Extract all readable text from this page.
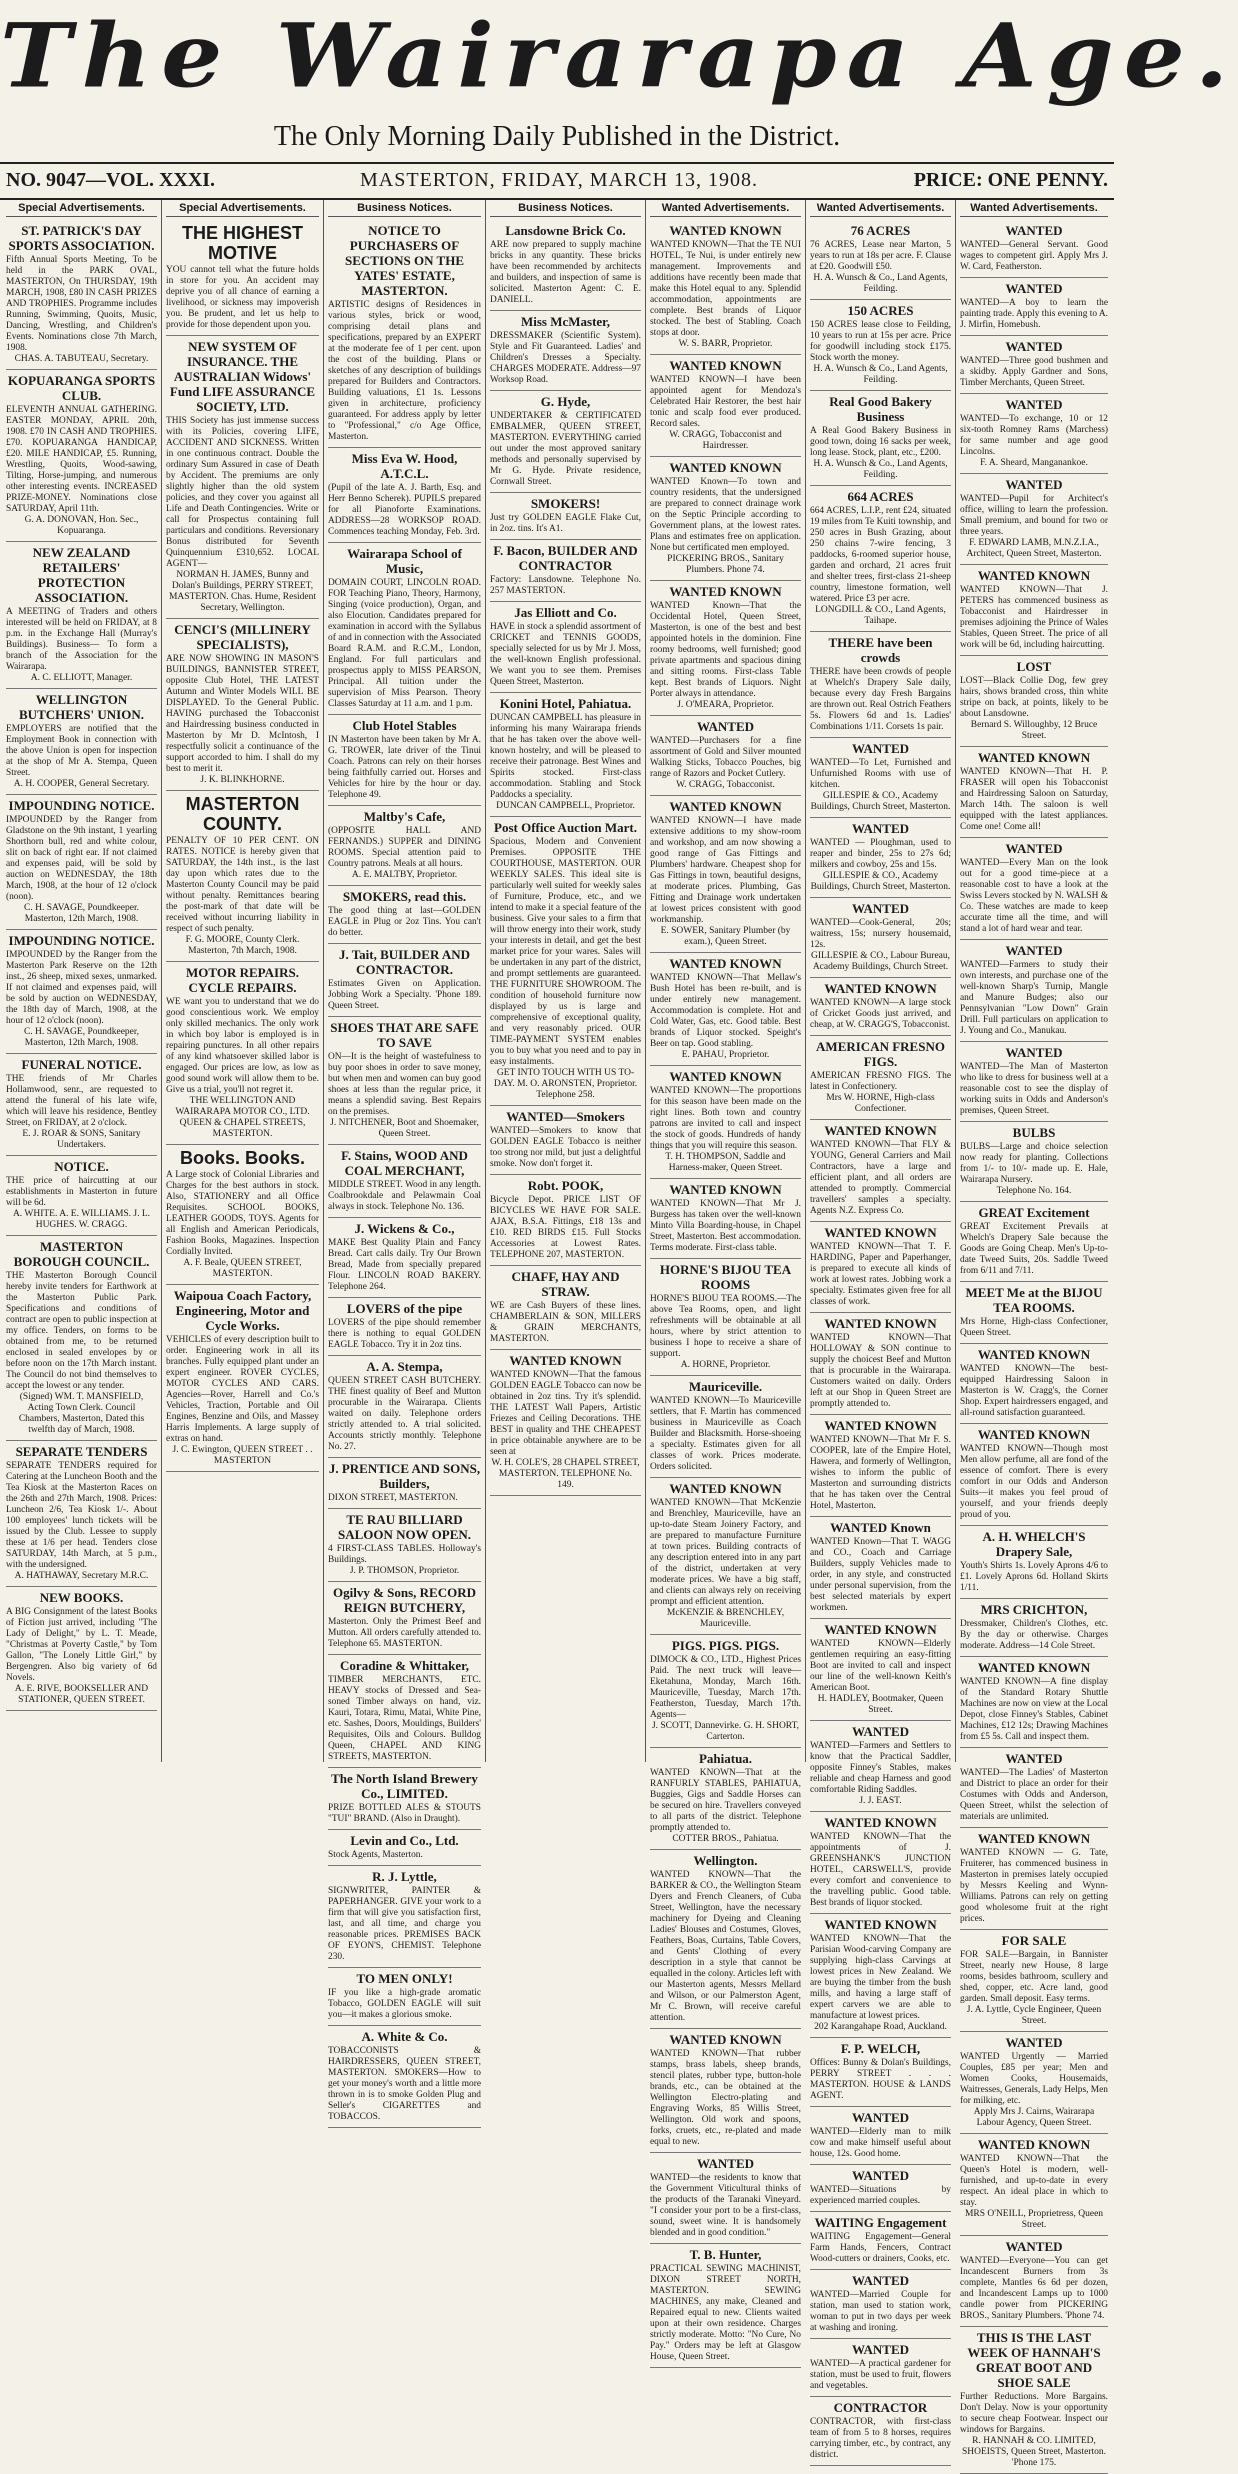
The Wairarapa Age.
The Only Morning Daily Published in the District.
NO. 9047—VOL. XXXI.	MASTERTON, FRIDAY, MARCH 13, 1908.	PRICE: ONE PENNY.
Special Advertisements.
ST. PATRICK'S DAY SPORTS ASSOCIATION.
Fifth Annual Sports Meeting, To be held in the PARK OVAL, MASTERTON, On THURSDAY, 19th MARCH, 1908, £80 IN CASH PRIZES AND TROPHIES. Programme includes Running, Swimming, Quoits, Music, Dancing, Wrestling, and Children's Events. Nominations close 7th March, 1908.
CHAS. A. TABUTEAU, Secretary.
KOPUARANGA SPORTS CLUB.
ELEVENTH ANNUAL GATHERING. EASTER MONDAY, APRIL 20th, 1908. £70 IN CASH AND TROPHIES. £70. KOPUARANGA HANDICAP, £20. MILE HANDICAP, £5. Running, Wrestling, Quoits, Wood-sawing, Tilting, Horse-jumping, and numerous other interesting events. INCREASED PRIZE-MONEY. Nominations close SATURDAY, April 11th.
G. A. DONOVAN, Hon. Sec., Kopuaranga.
NEW ZEALAND RETAILERS' PROTECTION ASSOCIATION.
A MEETING of Traders and others interested will be held on FRIDAY, at 8 p.m. in the Exchange Hall (Murray's Buildings). Business— To form a branch of the Association for the Wairarapa.
A. C. ELLIOTT, Manager.
WELLINGTON BUTCHERS' UNION.
EMPLOYERS are notified that the Employment Book in connection with the above Union is open for inspection at the shop of Mr A. Stempa, Queen Street.
A. H. COOPER, General Secretary.
IMPOUNDING NOTICE.
IMPOUNDED by the Ranger from Gladstone on the 9th instant, 1 yearling Shorthorn bull, red and white colour, slit on back of right ear. If not claimed and expenses paid, will be sold by auction on WEDNESDAY, the 18th March, 1908, at the hour of 12 o'clock (noon).
C. H. SAVAGE, Poundkeeper. Masterton, 12th March, 1908.
IMPOUNDING NOTICE.
IMPOUNDED by the Ranger from the Masterton Park Reserve on the 12th inst., 26 sheep, mixed sexes, unmarked. If not claimed and expenses paid, will be sold by auction on WEDNESDAY, the 18th day of March, 1908, at the hour of 12 o'clock (noon).
C. H. SAVAGE, Poundkeeper, Masterton, 12th March, 1908.
FUNERAL NOTICE.
THE friends of Mr Charles Hollamwood, senr., are requested to attend the funeral of his late wife, which will leave his residence, Bentley Street, on FRIDAY, at 2 o'clock.
E. J. ROAR & SONS, Sanitary Undertakers.
NOTICE.
THE price of haircutting at our establishments in Masterton in future will be 6d.
A. WHITE. A. E. WILLIAMS. J. L. HUGHES. W. CRAGG.
MASTERTON BOROUGH COUNCIL.
THE Masterton Borough Council hereby invite tenders for Earthwork at the Masterton Public Park. Specifications and conditions of contract are open to public inspection at my office. Tenders, on forms to be obtained from me, to be returned enclosed in sealed envelopes by or before noon on the 17th March instant. The Council do not bind themselves to accept the lowest or any tender.
(Signed) WM. T. MANSFIELD, Acting Town Clerk. Council Chambers, Masterton, Dated this twelfth day of March, 1908.
SEPARATE TENDERS
SEPARATE TENDERS required for Catering at the Luncheon Booth and the Tea Kiosk at the Masterton Races on the 26th and 27th March, 1908. Prices: Luncheon 2/6, Tea Kiosk 1/-. About 100 employees' lunch tickets will be issued by the Club. Lessee to supply these at 1/6 per head. Tenders close SATURDAY, 14th March, at 5 p.m., with the undersigned.
A. HATHAWAY, Secretary M.R.C.
NEW BOOKS.
A BIG Consignment of the latest Books of Fiction just arrived, including "The Lady of Delight," by L. T. Meade, "Christmas at Poverty Castle," by Tom Gallon, "The Lonely Little Girl," by Bergengren. Also big variety of 6d Novels.
A. E. RIVE, BOOKSELLER AND STATIONER, QUEEN STREET.
Special Advertisements.
THE HIGHEST MOTIVE
YOU cannot tell what the future holds in store for you. An accident may deprive you of all chance of earning a livelihood, or sickness may impoverish you. Be prudent, and let us help to provide for those dependent upon you.
NEW SYSTEM OF INSURANCE. THE AUSTRALIAN Widows' Fund LIFE ASSURANCE SOCIETY, LTD.
THIS Society has just immense success with its Policies, covering LIFE, ACCIDENT AND SICKNESS. Written in one continuous contract. Double the ordinary Sum Assured in case of Death by Accident. The premiums are only slightly higher than the old system policies, and they cover you against all Life and Death Contingencies. Write or call for Prospectus containing full particulars and conditions. Reversionary Bonus distributed for Seventh Quinquennium £310,652. LOCAL AGENT—
NORMAN H. JAMES, Bunny and Dolan's Buildings, PERRY STREET, MASTERTON. Chas. Hume, Resident Secretary, Wellington.
CENCI'S (MILLINERY SPECIALISTS),
ARE NOW SHOWING IN MASON'S BUILDINGS, BANNISTER STREET, opposite Club Hotel, THE LATEST Autumn and Winter Models WILL BE DISPLAYED. To the General Public. HAVING purchased the Tobacconist and Hairdressing business conducted in Masterton by Mr D. McIntosh, I respectfully solicit a continuance of the support accorded to him. I shall do my best to merit it.
J. K. BLINKHORNE.
MASTERTON COUNTY.
PENALTY OF 10 PER CENT. ON RATES. NOTICE is hereby given that SATURDAY, the 14th inst., is the last day upon which rates due to the Masterton County Council may be paid without penalty. Remittances bearing the post-mark of that date will be received without incurring liability in respect of such penalty.
F. G. MOORE, County Clerk. Masterton, 7th March, 1908.
MOTOR REPAIRS. CYCLE REPAIRS.
WE want you to understand that we do good conscientious work. We employ only skilled mechanics. The only work in which boy labor is employed is in repairing punctures. In all other repairs of any kind whatsoever skilled labor is engaged. Our prices are low, as low as good sound work will allow them to be. Give us a trial, you'll not regret it.
THE WELLINGTON AND WAIRARAPA MOTOR CO., LTD. QUEEN & CHAPEL STREETS, MASTERTON.
Books. Books.
A Large stock of Colonial Libraries and Charges for the best authors in stock. Also, STATIONERY and all Office Requisites. SCHOOL BOOKS, LEATHER GOODS, TOYS. Agents for all English and American Periodicals, Fashion Books, Magazines. Inspection Cordially Invited.
A. F. Beale, QUEEN STREET, MASTERTON.
Waipoua Coach Factory, Engineering, Motor and Cycle Works.
VEHICLES of every description built to order. Engineering work in all its branches. Fully equipped plant under an expert engineer. ROVER CYCLES, MOTOR CYCLES AND CARS. Agencies—Rover, Harrell and Co.'s Vehicles, Traction, Portable and Oil Engines, Benzine and Oils, and Massey Harris Implements. A large supply of extras on hand.
J. C. Ewington, QUEEN STREET . . MASTERTON
Business Notices.
NOTICE TO PURCHASERS OF SECTIONS ON THE YATES' ESTATE, MASTERTON.
ARTISTIC designs of Residences in various styles, brick or wood, comprising detail plans and specifications, prepared by an EXPERT at the moderate fee of 1 per cent. upon the cost of the building. Plans or sketches of any description of buildings prepared for Builders and Contractors. Building valuations, £1 1s. Lessons given in architecture, proficiency guaranteed. For address apply by letter to "Professional," c/o Age Office, Masterton.
Miss Eva W. Hood, A.T.C.L.
(Pupil of the late A. J. Barth, Esq. and Herr Benno Scherek). PUPILS prepared for all Pianoforte Examinations. ADDRESS—28 WORKSOP ROAD. Commences teaching Monday, Feb. 3rd.
Wairarapa School of Music,
DOMAIN COURT, LINCOLN ROAD. FOR Teaching Piano, Theory, Harmony, Singing (voice production), Organ, and also Elocution. Candidates prepared for examination in accord with the Syllabus of and in connection with the Associated Board R.A.M. and R.C.M., London, England. For full particulars and prospectus apply to MISS PEARSON, Principal. All tuition under the supervision of Miss Pearson. Theory Classes Saturday at 11 a.m. and 1 p.m.
Club Hotel Stables
IN Masterton have been taken by Mr A. G. TROWER, late driver of the Tinui Coach. Patrons can rely on their horses being faithfully carried out. Horses and Vehicles for hire by the hour or day. Telephone 49.
Maltby's Cafe,
(OPPOSITE HALL AND FERNANDS.) SUPPER and DINING ROOMS. Special attention paid to Country patrons. Meals at all hours.
A. E. MALTBY, Proprietor.
SMOKERS, read this.
The good thing at last—GOLDEN EAGLE in Plug or 2oz Tins. You can't do better.
J. Tait, BUILDER AND CONTRACTOR.
Estimates Given on Application. Jobbing Work a Specialty. 'Phone 189. Queen Street.
SHOES THAT ARE SAFE TO SAVE
ON—It is the height of wastefulness to buy poor shoes in order to save money, but when men and women can buy good shoes at less than the regular price, it means a splendid saving. Best Repairs on the premises.
J. NITCHENER, Boot and Shoemaker, Queen Street.
F. Stains, WOOD AND COAL MERCHANT,
MIDDLE STREET. Wood in any length. Coalbrookdale and Pelawmain Coal always in stock. Telephone No. 136.
J. Wickens & Co.,
MAKE Best Quality Plain and Fancy Bread. Cart calls daily. Try Our Brown Bread, Made from specially prepared Flour. LINCOLN ROAD BAKERY. Telephone 264.
LOVERS of the pipe
LOVERS of the pipe should remember there is nothing to equal GOLDEN EAGLE Tobacco. Try it in 2oz tins.
A. A. Stempa,
QUEEN STREET CASH BUTCHERY. THE finest quality of Beef and Mutton procurable in the Wairarapa. Clients waited on daily. Telephone orders strictly attended to. A trial solicited. Accounts strictly monthly. Telephone No. 27.
J. PRENTICE AND SONS, Builders,
DIXON STREET, MASTERTON.
TE RAU BILLIARD SALOON NOW OPEN.
4 FIRST-CLASS TABLES. Holloway's Buildings.
J. P. THOMSON, Proprietor.
Ogilvy & Sons, RECORD REIGN BUTCHERY,
Masterton. Only the Primest Beef and Mutton. All orders carefully attended to. Telephone 65. MASTERTON.
Coradine & Whittaker,
TIMBER MERCHANTS, ETC. HEAVY stocks of Dressed and Sea-soned Timber always on hand, viz. Kauri, Totara, Rimu, Matai, White Pine, etc. Sashes, Doors, Mouldings, Builders' Requisites, Oils and Colours. Bulldog Queen, CHAPEL AND KING STREETS, MASTERTON.
The North Island Brewery Co., LIMITED.
PRIZE BOTTLED ALES & STOUTS "TUI" BRAND. (Also in Draught).
Levin and Co., Ltd.
Stock Agents, Masterton.
R. J. Lyttle,
SIGNWRITER, PAINTER & PAPERHANGER. GIVE your work to a firm that will give you satisfaction first, last, and all time, and charge you reasonable prices. PREMISES BACK OF EYON'S, CHEMIST. Telephone 230.
TO MEN ONLY!
IF you like a high-grade aromatic Tobacco, GOLDEN EAGLE will suit you—it makes a glorious smoke.
A. White & Co.
TOBACCONISTS & HAIRDRESSERS, QUEEN STREET, MASTERTON. SMOKERS—How to get your money's worth and a little more thrown in is to smoke Golden Plug and Seller's CIGARETTES and TOBACCOS.
Business Notices.
Lansdowne Brick Co.
ARE now prepared to supply machine bricks in any quantity. These bricks have been recommended by architects and builders, and inspection of same is solicited. Masterton Agent: C. E. DANIELL.
Miss McMaster,
DRESSMAKER (Scientific System). Style and Fit Guaranteed. Ladies' and Children's Dresses a Specialty. CHARGES MODERATE. Address—97 Worksop Road.
G. Hyde,
UNDERTAKER & CERTIFICATED EMBALMER, QUEEN STREET, MASTERTON. EVERYTHING carried out under the most approved sanitary methods and personally supervised by Mr G. Hyde. Private residence, Cornwall Street.
SMOKERS!
Just try GOLDEN EAGLE Flake Cut, in 2oz. tins. It's A1.
F. Bacon, BUILDER AND CONTRACTOR
Factory: Lansdowne. Telephone No. 257 MASTERTON.
Jas Elliott and Co.
HAVE in stock a splendid assortment of CRICKET and TENNIS GOODS, specially selected for us by Mr J. Moss, the well-known English professional. We want you to see them. Premises Queen Street, Masterton.
Konini Hotel, Pahiatua.
DUNCAN CAMPBELL has pleasure in informing his many Wairarapa friends that he has taken over the above well-known hostelry, and will be pleased to receive their patronage. Best Wines and Spirits stocked. First-class accommodation. Stabling and Stock Paddocks a speciality.
DUNCAN CAMPBELL, Proprietor.
Post Office Auction Mart.
Spacious, Modern and Convenient Premises. OPPOSITE THE COURTHOUSE, MASTERTON. OUR WEEKLY SALES. This ideal site is particularly well suited for weekly sales of Furniture, Produce, etc., and we intend to make it a special feature of the business. Give your sales to a firm that will throw energy into their work, study your interests in detail, and get the best market price for your wares. Sales will be undertaken in any part of the district, and prompt settlements are guaranteed. THE FURNITURE SHOWROOM. The condition of household furniture now displayed by us is large and comprehensive of exceptional quality, and very reasonably priced. OUR TIME-PAYMENT SYSTEM enables you to buy what you need and to pay in easy instalments.
GET INTO TOUCH WITH US TO-DAY. M. O. ARONSTEN, Proprietor. Telephone 258.
WANTED—Smokers
WANTED—Smokers to know that GOLDEN EAGLE Tobacco is neither too strong nor mild, but just a delightful smoke. Now don't forget it.
Robt. POOK,
Bicycle Depot. PRICE LIST OF BICYCLES WE HAVE FOR SALE. AJAX, B.S.A. Fittings, £18 13s and £10. RED BIRDS £15. Full Stocks Accessories at Lowest Rates. TELEPHONE 207, MASTERTON.
CHAFF, HAY AND STRAW.
WE are Cash Buyers of these lines. CHAMBERLAIN & SON, MILLERS & GRAIN MERCHANTS, MASTERTON.
WANTED KNOWN
WANTED KNOWN—That the famous GOLDEN EAGLE Tobacco can now be obtained in 2oz tins. Try it's splendid. THE LATEST Wall Papers, Artistic Friezes and Ceiling Decorations. THE BEST in quality and THE CHEAPEST in price obtainable anywhere are to be seen at
W. H. COLE'S, 28 CHAPEL STREET, MASTERTON. TELEPHONE No. 149.
Wanted Advertisements.
WANTED KNOWN
WANTED KNOWN—That the TE NUI HOTEL, Te Nui, is under entirely new management. Improvements and additions have recently been made that make this Hotel equal to any. Splendid accommodation, appointments are complete. Best brands of Liquor stocked. The best of Stabling. Coach stops at door.
W. S. BARR, Proprietor.
WANTED KNOWN
WANTED KNOWN—I have been appointed agent for Mendoza's Celebrated Hair Restorer, the best hair tonic and scalp food ever produced. Record sales.
W. CRAGG, Tobacconist and Hairdresser.
WANTED KNOWN
WANTED Known—To town and country residents, that the undersigned are prepared to connect drainage work on the Septic Principle according to Government plans, at the lowest rates. Plans and estimates free on application. None but certificated men employed.
PICKERING BROS., Sanitary Plumbers. Phone 74.
WANTED KNOWN
WANTED Known—That the Occidental Hotel, Queen Street, Masterton, is one of the best and best appointed hotels in the dominion. Fine roomy bedrooms, well furnished; good private apartments and spacious dining and sitting rooms. First-class Table kept. Best brands of Liquors. Night Porter always in attendance.
J. O'MEARA, Proprietor.
WANTED
WANTED—Purchasers for a fine assortment of Gold and Silver mounted Walking Sticks, Tobacco Pouches, big range of Razors and Pocket Cutlery.
W. CRAGG, Tobacconist.
WANTED KNOWN
WANTED KNOWN—I have made extensive additions to my show-room and workshop, and am now showing a good range of Gas Fittings and Plumbers' hardware. Cheapest shop for Gas Fittings in town, beautiful designs, at moderate prices. Plumbing, Gas Fitting and Drainage work undertaken at lowest prices consistent with good workmanship.
E. SOWER, Sanitary Plumber (by exam.), Queen Street.
WANTED KNOWN
WANTED KNOWN—That Mellaw's Bush Hotel has been re-built, and is under entirely new management. Accommodation is complete. Hot and Cold Water, Gas, etc. Good table. Best brands of Liquor stocked. Speight's Beer on tap. Good stabling.
E. PAHAU, Proprietor.
WANTED KNOWN
WANTED KNOWN—The proportions for this season have been made on the right lines. Both town and country patrons are invited to call and inspect the stock of goods. Hundreds of handy things that you will require this season.
T. H. THOMPSON, Saddle and Harness-maker, Queen Street.
WANTED KNOWN
WANTED KNOWN—That Mr J. Burgess has taken over the well-known Minto Villa Boarding-house, in Chapel Street, Masterton. Best accommodation. Terms moderate. First-class table.
HORNE'S BIJOU TEA ROOMS
HORNE'S BIJOU TEA ROOMS.—The above Tea Rooms, open, and light refreshments will be obtainable at all hours, where by strict attention to business I hope to receive a share of support.
A. HORNE, Proprietor.
Mauriceville.
WANTED KNOWN—To Mauriceville settlers, that F. Martin has commenced business in Mauriceville as Coach Builder and Blacksmith. Horse-shoeing a specialty. Estimates given for all classes of work. Prices moderate. Orders solicited.
WANTED KNOWN
WANTED KNOWN—That McKenzie and Brenchley, Mauriceville, have an up-to-date Steam Joinery Factory, and are prepared to manufacture Furniture at town prices. Building contracts of any description entered into in any part of the district, undertaken at very moderate prices. We have a big staff, and clients can always rely on receiving prompt and efficient attention.
McKENZIE & BRENCHLEY, Mauriceville.
PIGS. PIGS. PIGS.
DIMOCK & CO., LTD., Highest Prices Paid. The next truck will leave— Eketahuna, Monday, March 16th. Mauriceville, Tuesday, March 17th. Featherston, Tuesday, March 17th. Agents—
J. SCOTT, Dannevirke. G. H. SHORT, Carterton.
Pahiatua.
WANTED KNOWN—That at the RANFURLY STABLES, PAHIATUA, Buggies, Gigs and Saddle Horses can be secured on hire. Travellers conveyed to all parts of the district. Telephone promptly attended to.
COTTER BROS., Pahiatua.
Wellington.
WANTED KNOWN—That the BARKER & CO., the Wellington Steam Dyers and French Cleaners, of Cuba Street, Wellington, have the necessary machinery for Dyeing and Cleaning Ladies' Blouses and Costumes, Gloves, Feathers, Boas, Curtains, Table Covers, and Gents' Clothing of every description in a style that cannot be equalled in the colony. Articles left with our Masterton agents, Messrs Mellard and Wilson, or our Palmerston Agent, Mr C. Brown, will receive careful attention.
WANTED KNOWN
WANTED KNOWN—That rubber stamps, brass labels, sheep brands, stencil plates, rubber type, button-hole brands, etc., can be obtained at the Wellington Electro-plating and Engraving Works, 85 Willis Street, Wellington. Old work and spoons, forks, cruets, etc., re-plated and made equal to new.
WANTED
WANTED—the residents to know that the Government Viticultural thinks of the products of the Taranaki Vineyard. "I consider your port to be a first-class, sound, sweet wine. It is handsomely blended and in good condition."
T. B. Hunter,
PRACTICAL SEWING MACHINIST, DIXON STREET NORTH, MASTERTON. SEWING MACHINES, any make, Cleaned and Repaired equal to new. Clients waited upon at their own residence. Charges strictly moderate. Motto: "No Cure, No Pay." Orders may be left at Glasgow House, Queen Street.
Wanted Advertisements.
76 ACRES
76 ACRES, Lease near Marton, 5 years to run at 18s per acre. F. Clause at £20. Goodwill £50.
H. A. Wunsch & Co., Land Agents, Feilding.
150 ACRES
150 ACRES lease close to Feilding, 10 years to run at 15s per acre. Price for goodwill including stock £175. Stock worth the money.
H. A. Wunsch & Co., Land Agents, Feilding.
Real Good Bakery Business
A Real Good Bakery Business in good town, doing 16 sacks per week, long lease. Stock, plant, etc., £200.
H. A. Wunsch & Co., Land Agents, Feilding.
664 ACRES
664 ACRES, L.I.P., rent £24, situated 19 miles from Te Kuiti township, and 250 acres in Bush Grazing, about 250 chains 7-wire fencing, 3 paddocks, 6-roomed superior house, garden and orchard, 21 acres fruit and shelter trees, first-class 21-sheep country, limestone formation, well watered. Price £3 per acre.
LONGDILL & CO., Land Agents, Taihape.
THERE have been crowds
THERE have been crowds of people at Whelch's Drapery Sale daily, because every day Fresh Bargains are thrown out. Real Ostrich Feathers 5s. Flowers 6d and 1s. Ladies' Combinations 1/11. Corsets 1s pair.
WANTED
WANTED—To Let, Furnished and Unfurnished Rooms with use of kitchen.
GILLESPIE & CO., Academy Buildings, Church Street, Masterton.
WANTED
WANTED — Ploughman, used to reaper and binder, 25s to 27s 6d; milkers and cowboy, 25s and 15s.
GILLESPIE & CO., Academy Buildings, Church Street, Masterton.
WANTED
WANTED—Cook-General, 20s; waitress, 15s; nursery housemaid, 12s.
GILLESPIE & CO., Labour Bureau, Academy Buildings, Church Street.
WANTED KNOWN
WANTED KNOWN—A large stock of Cricket Goods just arrived, and cheap, at W. CRAGG'S, Tobacconist.
AMERICAN FRESNO FIGS.
AMERICAN FRESNO FIGS. The latest in Confectionery.
Mrs W. HORNE, High-class Confectioner.
WANTED KNOWN
WANTED KNOWN—That FLY & YOUNG, General Carriers and Mail Contractors, have a large and efficient plant, and all orders are attended to promptly. Commercial travellers' samples a specialty. Agents N.Z. Express Co.
WANTED KNOWN
WANTED KNOWN—That T. F. HARDING, Paper and Paperhanger, is prepared to execute all kinds of work at lowest rates. Jobbing work a specialty. Estimates given free for all classes of work.
WANTED KNOWN
WANTED KNOWN—That HOLLOWAY & SON continue to supply the choicest Beef and Mutton that is procurable in the Wairarapa. Customers waited on daily. Orders left at our Shop in Queen Street are promptly attended to.
WANTED KNOWN
WANTED KNOWN—That Mr F. S. COOPER, late of the Empire Hotel, Hawera, and formerly of Wellington, wishes to inform the public of Masterton and surrounding districts that he has taken over the Central Hotel, Masterton.
WANTED Known
WANTED Known—That T. WAGG and CO., Coach and Carriage Builders, supply Vehicles made to order, in any style, and constructed under personal supervision, from the best selected materials by expert workmen.
WANTED KNOWN
WANTED KNOWN—Elderly gentlemen requiring an easy-fitting Boot are invited to call and inspect our line of the well-known Keith's American Boot.
H. HADLEY, Bootmaker, Queen Street.
WANTED
WANTED—Farmers and Settlers to know that the Practical Saddler, opposite Finney's Stables, makes reliable and cheap Harness and good comfortable Riding Saddles.
J. J. EAST.
WANTED KNOWN
WANTED KNOWN—That the appointments of J. GREENSHANK'S JUNCTION HOTEL, CARSWELL'S, provide every comfort and convenience to the travelling public. Good table. Best brands of liquor stocked.
WANTED KNOWN
WANTED KNOWN—That the Parisian Wood-carving Company are supplying high-class Carvings at lowest prices in New Zealand. We are buying the timber from the bush mills, and having a large staff of expert carvers we are able to manufacture at lowest prices.
202 Karangahape Road, Auckland.
F. P. WELCH,
Offices: Bunny & Dolan's Buildings, PERRY STREET . . . MASTERTON. HOUSE & LANDS AGENT.
WANTED
WANTED—Elderly man to milk cow and make himself useful about house, 12s. Good home.
WANTED
WANTED—Situations by experienced married couples.
WAITING Engagement
WAITING Engagement—General Farm Hands, Fencers, Contract Wood-cutters or drainers, Cooks, etc.
WANTED
WANTED—Married Couple for station, man used to station work, woman to put in two days per week at washing and ironing.
WANTED
WANTED—A practical gardener for station, must be used to fruit, flowers and vegetables.
CONTRACTOR
CONTRACTOR, with first-class team of from 5 to 8 horses, requires carrying timber, etc., by contract, any district.
Wanted Advertisements.
WANTED
WANTED—General Servant. Good wages to competent girl. Apply Mrs J. W. Card, Featherston.
WANTED
WANTED—A boy to learn the painting trade. Apply this evening to A. J. Mirfin, Homebush.
WANTED
WANTED—Three good bushmen and a skidby. Apply Gardner and Sons, Timber Merchants, Queen Street.
WANTED
WANTED—To exchange, 10 or 12 six-tooth Romney Rams (Marchess) for same number and age good Lincolns.
F. A. Sheard, Manganankoe.
WANTED
WANTED—Pupil for Architect's office, willing to learn the profession. Small premium, and bound for two or three years.
F. EDWARD LAMB, M.N.Z.I.A., Architect, Queen Street, Masterton.
WANTED KNOWN
WANTED KNOWN—That J. PETERS has commenced business as Tobacconist and Hairdresser in premises adjoining the Prince of Wales Stables, Queen Street. The price of all work will be 6d, including haircutting.
LOST
LOST—Black Collie Dog, few grey hairs, shows branded cross, thin white stripe on back, at points, likely to be about Lansdowne.
Bernard S. Willoughby, 12 Bruce Street.
WANTED KNOWN
WANTED KNOWN—That H. P. FRASER will open his Tobacconist and Hairdressing Saloon on Saturday, March 14th. The saloon is well equipped with the latest appliances. Come one! Come all!
WANTED
WANTED—Every Man on the look out for a good time-piece at a reasonable cost to have a look at the Swiss Levers stocked by N. WALSH & Co. These watches are made to keep accurate time all the time, and will stand a lot of hard wear and tear.
WANTED
WANTED—Farmers to study their own interests, and purchase one of the well-known Sharp's Turnip, Mangle and Manure Budges; also our Pennsylvanian "Low Down" Grain Drill. Full particulars on application to J. Young and Co., Manukau.
WANTED
WANTED—The Man of Masterton who like to dress for business well at a reasonable cost to see the display of working suits in Odds and Anderson's premises, Queen Street.
BULBS
BULBS—Large and choice selection now ready for planting. Collections from 1/- to 10/- made up. E. Hale, Wairarapa Nursery.
Telephone No. 164.
GREAT Excitement
GREAT Excitement Prevails at Whelch's Drapery Sale because the Goods are Going Cheap. Men's Up-to-date Tweed Suits, 20s. Saddle Tweed from 6/11 and 7/11.
MEET Me at the BIJOU TEA ROOMS.
Mrs Horne, High-class Confectioner, Queen Street.
WANTED KNOWN
WANTED KNOWN—The best-equipped Hairdressing Saloon in Masterton is W. Cragg's, the Corner Shop. Expert hairdressers engaged, and all-round satisfaction guaranteed.
WANTED KNOWN
WANTED KNOWN—Though most Men allow perfume, all are fond of the essence of comfort. There is every comfort in our Odds and Anderson Suits—it makes you feel proud of yourself, and your friends deeply proud of you.
A. H. WHELCH'S Drapery Sale,
Youth's Shirts 1s. Lovely Aprons 4/6 to £1. Lovely Aprons 6d. Holland Skirts 1/11.
MRS CRICHTON,
Dressmaker, Children's Clothes, etc. By the day or otherwise. Charges moderate. Address—14 Cole Street.
WANTED KNOWN
WANTED KNOWN—A fine display of the Standard Rotary Shuttle Machines are now on view at the Local Depot, close Finney's Stables, Cabinet Machines, £12 12s; Drawing Machines from £5 5s. Call and inspect them.
WANTED
WANTED—The Ladies' of Masterton and District to place an order for their Costumes with Odds and Anderson, Queen Street, whilst the selection of materials are unlimited.
WANTED KNOWN
WANTED KNOWN — G. Tate, Fruiterer, has commenced business in Masterton in premises lately occupied by Messrs Keeling and Wynn-Williams. Patrons can rely on getting good wholesome fruit at the right prices.
FOR SALE
FOR SALE—Bargain, in Bannister Street, nearly new House, 8 large rooms, besides bathroom, scullery and shed, copper, etc. Acre land, good garden. Small deposit. Easy terms.
J. A. Lyttle, Cycle Engineer, Queen Street.
WANTED
WANTED Urgently — Married Couples, £85 per year; Men and Women Cooks, Housemaids, Waitresses, Generals, Lady Helps, Men for milking, etc.
Apply Mrs J. Cairns, Wairarapa Labour Agency, Queen Street.
WANTED KNOWN
WANTED KNOWN—That the Queen's Hotel is modern, well-furnished, and up-to-date in every respect. An ideal place in which to stay.
MRS O'NEILL, Proprietress, Queen Street.
WANTED
WANTED—Everyone—You can get Incandescent Burners from 3s complete, Mantles 6s 6d per dozen, and Incandescent Lamps up to 1000 candle power from PICKERING BROS., Sanitary Plumbers. 'Phone 74.
THIS IS THE LAST WEEK OF HANNAH'S GREAT BOOT AND SHOE SALE
Further Reductions. More Bargains. Don't Delay. Now is your opportunity to secure cheap Footwear. Inspect our windows for Bargains.
R. HANNAH & CO. LIMITED, SHOEISTS, Queen Street, Masterton. 'Phone 175.
